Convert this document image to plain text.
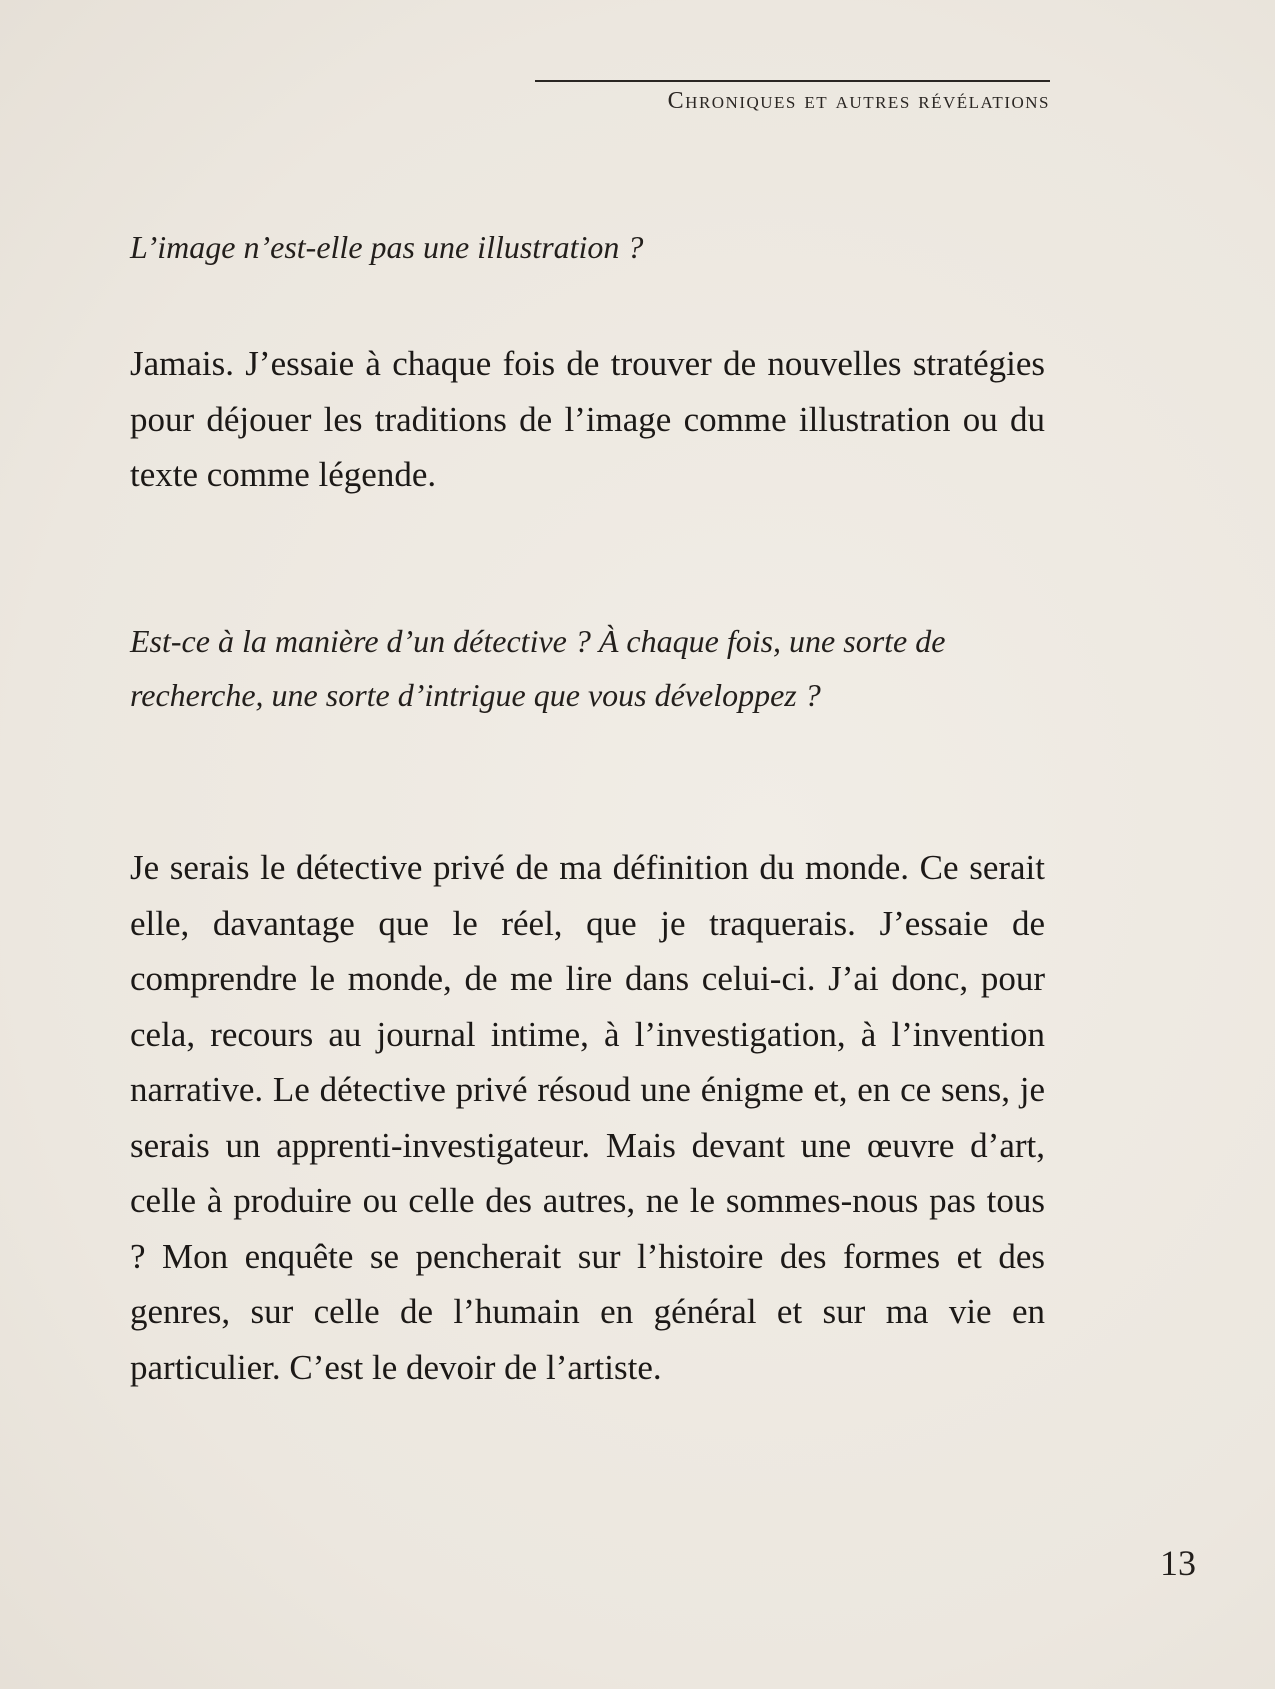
Chroniques et autres révélations

L’image n’est-elle pas une illustration ?

Jamais. J’essaie à chaque fois de trouver de nouvelles stratégies pour déjouer les traditions de l’image comme illustration ou du texte comme légende.

Est-ce à la manière d’un détective ? À chaque fois, une sorte de recherche, une sorte d’intrigue que vous développez ?

Je serais le détective privé de ma définition du monde. Ce serait elle, davantage que le réel, que je traquerais. J’essaie de comprendre le monde, de me lire dans celui-ci. J’ai donc, pour cela, recours au journal intime, à l’investigation, à l’invention narrative. Le détective privé résoud une énigme et, en ce sens, je serais un apprenti-investigateur. Mais devant une œuvre d’art, celle à produire ou celle des autres, ne le sommes-nous pas tous ? Mon enquête se pencherait sur l’histoire des formes et des genres, sur celle de l’humain en général et sur ma vie en particulier. C’est le devoir de l’artiste.

13
